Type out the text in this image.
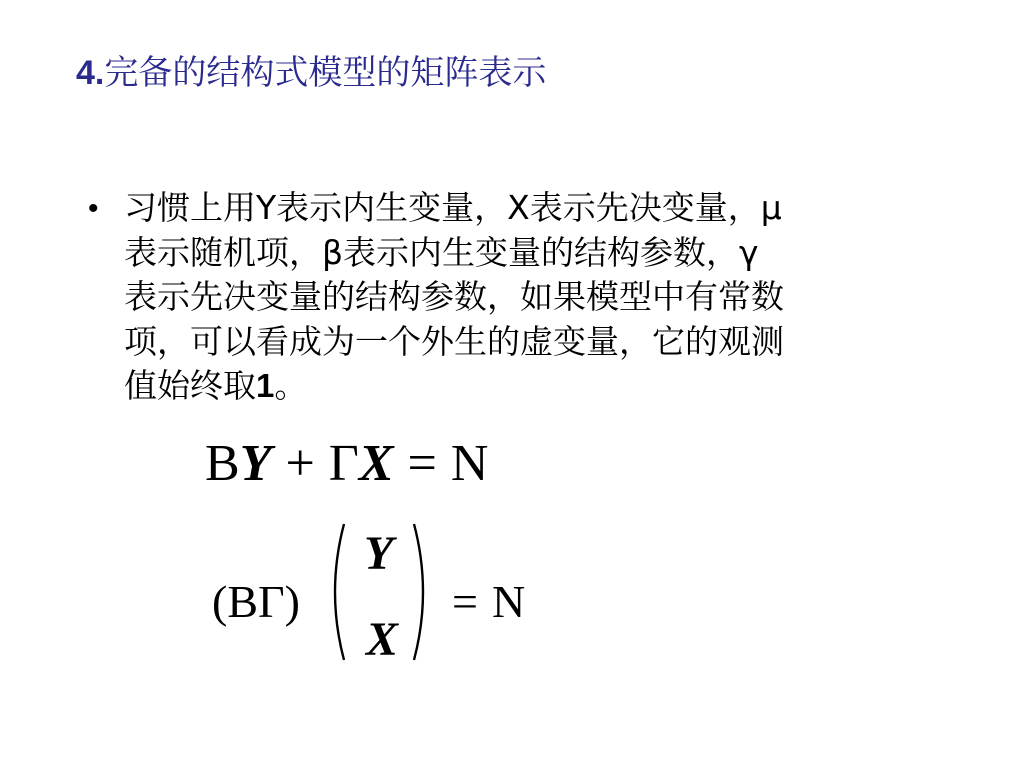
4.完备的结构式模型的矩阵表示
• 习惯上用Y表示内生变量，X表示先决变量，μ
表示随机项，β表示内生变量的结构参数，γ
表示先决变量的结构参数，如果模型中有常数
项，可以看成为一个外生的虚变量，它的观测
值始终取1。
BY + ΓX = N
(BΓ)
Y
X
= N
